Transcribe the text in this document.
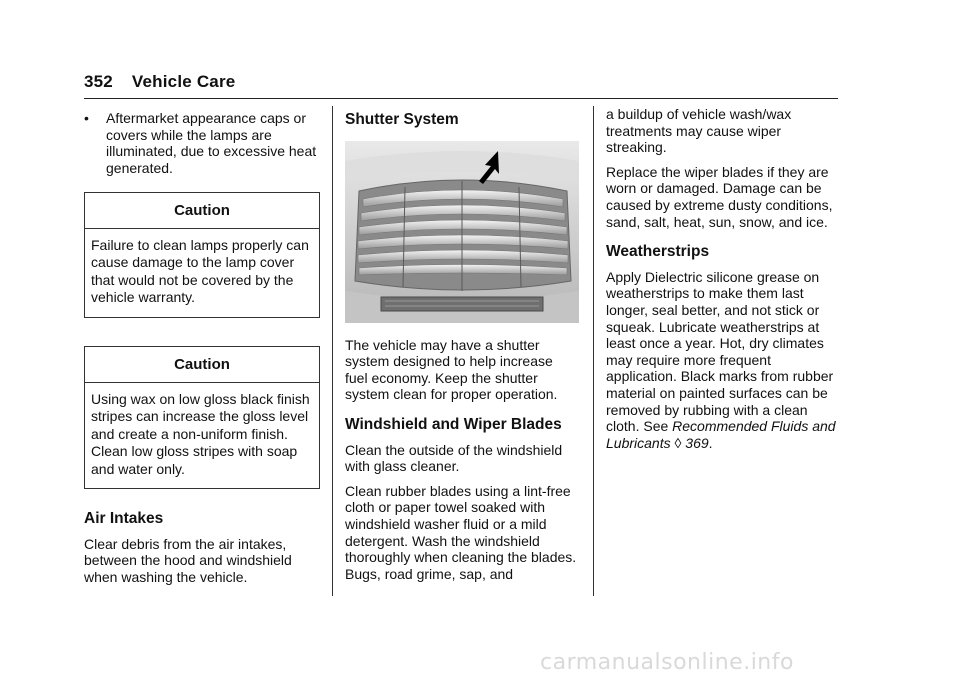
352 Vehicle Care
•	Aftermarket appearance caps or covers while the lamps are illuminated, due to excessive heat generated.
Caution
Failure to clean lamps properly can cause damage to the lamp cover that would not be covered by the vehicle warranty.
Caution
Using wax on low gloss black finish stripes can increase the gloss level and create a non-uniform finish. Clean low gloss stripes with soap and water only.
Air Intakes

Clear debris from the air intakes, between the hood and windshield when washing the vehicle.

Shutter System

The vehicle may have a shutter system designed to help increase fuel economy. Keep the shutter system clean for proper operation.

Windshield and Wiper Blades

Clean the outside of the windshield with glass cleaner.

Clean rubber blades using a lint-free cloth or paper towel soaked with windshield washer fluid or a mild detergent. Wash the windshield thoroughly when cleaning the blades. Bugs, road grime, sap, and

a buildup of vehicle wash/wax treatments may cause wiper streaking.

Replace the wiper blades if they are worn or damaged. Damage can be caused by extreme dusty conditions, sand, salt, heat, sun, snow, and ice.

Weatherstrips

Apply Dielectric silicone grease on weatherstrips to make them last longer, seal better, and not stick or squeak. Lubricate weatherstrips at least once a year. Hot, dry climates may require more frequent application. Black marks from rubber material on painted surfaces can be removed by rubbing with a clean cloth. See Recommended Fluids and Lubricants ◊ 369.

carmanualsonline.info
